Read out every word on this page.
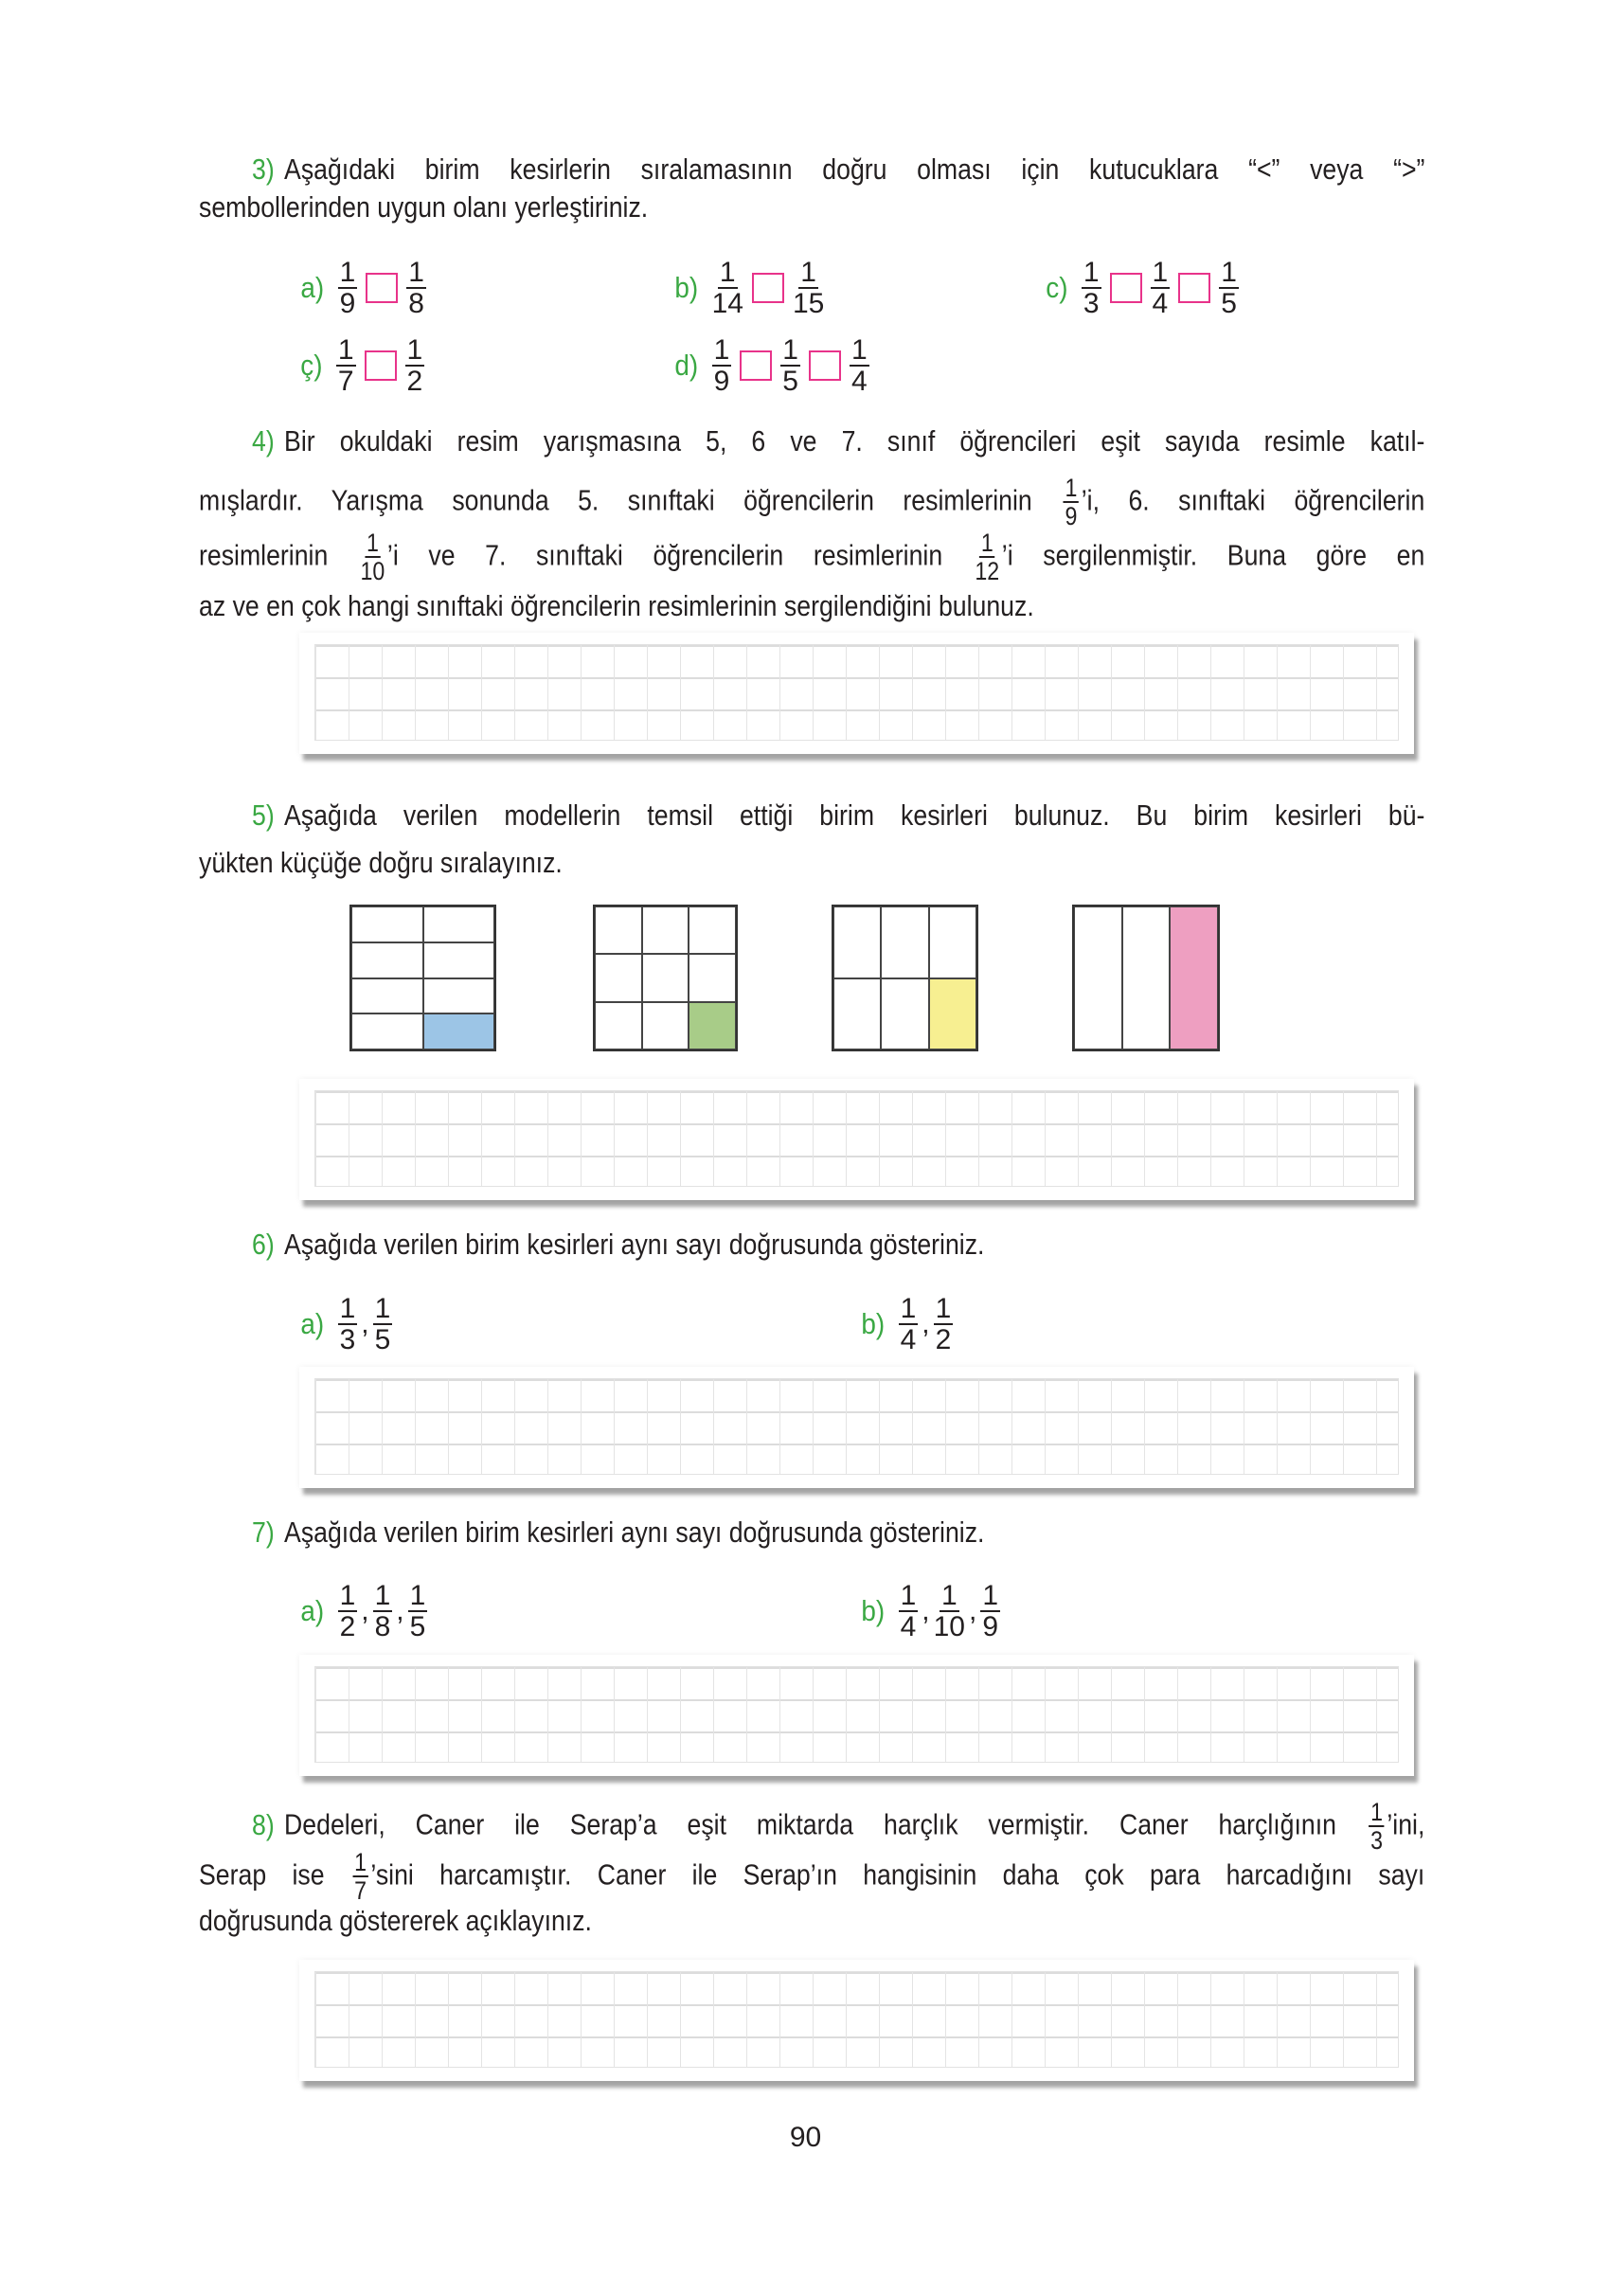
3) Aşağıdaki birim kesirlerin sıralamasının doğru olması için kutucuklara “<” veya “>”
sembollerinden uygun olanı yerleştiriniz.
$a) \frac{1}{9} \frac{1}{8}$	$b) \frac{1}{14} \frac{1}{15}$	$c) \frac{1}{3} \frac{1}{4} \frac{1}{5}$
ç) $\frac{1}{7} \frac{1}{2}$	$d) \frac{1}{9} \frac{1}{5} \frac{1}{4}$
4) Bir okuldaki resim yarışmasına 5, 6 ve 7. sınıf öğrencileri eşit sayıda resimle katıl-
mışlardır. Yarışma sonunda 5. sınıftaki öğrencilerin resimlerinin $\frac{1}{9}$ ’i, 6. sınıftaki öğrencilerin
resimlerinin $\frac{1}{10}$ ’i ve 7. sınıftaki öğrencilerin resimlerinin $\frac{1}{12}$ ’i sergilenmiştir. Buna göre en
az ve en çok hangi sınıftaki öğrencilerin resimlerinin sergilendiğini bulunuz.
5) Aşağıda verilen modellerin temsil ettiği birim kesirleri bulunuz. Bu birim kesirleri bü-
yükten küçüğe doğru sıralayınız.
6) Aşağıda verilen birim kesirleri aynı sayı doğrusunda gösteriniz.
$a) \frac{1}{3}$ , $\frac{1}{5}$	$b) \frac{1}{4}$ , $\frac{1}{2}$
7) Aşağıda verilen birim kesirleri aynı sayı doğrusunda gösteriniz.
$a) \frac{1}{2}$ , $\frac{1}{8}$ , $\frac{1}{5}$	$b) \frac{1}{4}$ , $\frac{1}{10}$ , $\frac{1}{9}$
8) Dedeleri, Caner ile Serap’a eşit miktarda harçlık vermiştir. Caner harçlığının $\frac{1}{3}$ ’ini,
Serap ise $\frac{1}{7}$ ’sini harcamıştır. Caner ile Serap’ın hangisinin daha çok para harcadığını sayı
doğrusunda göstererek açıklayınız.
90
